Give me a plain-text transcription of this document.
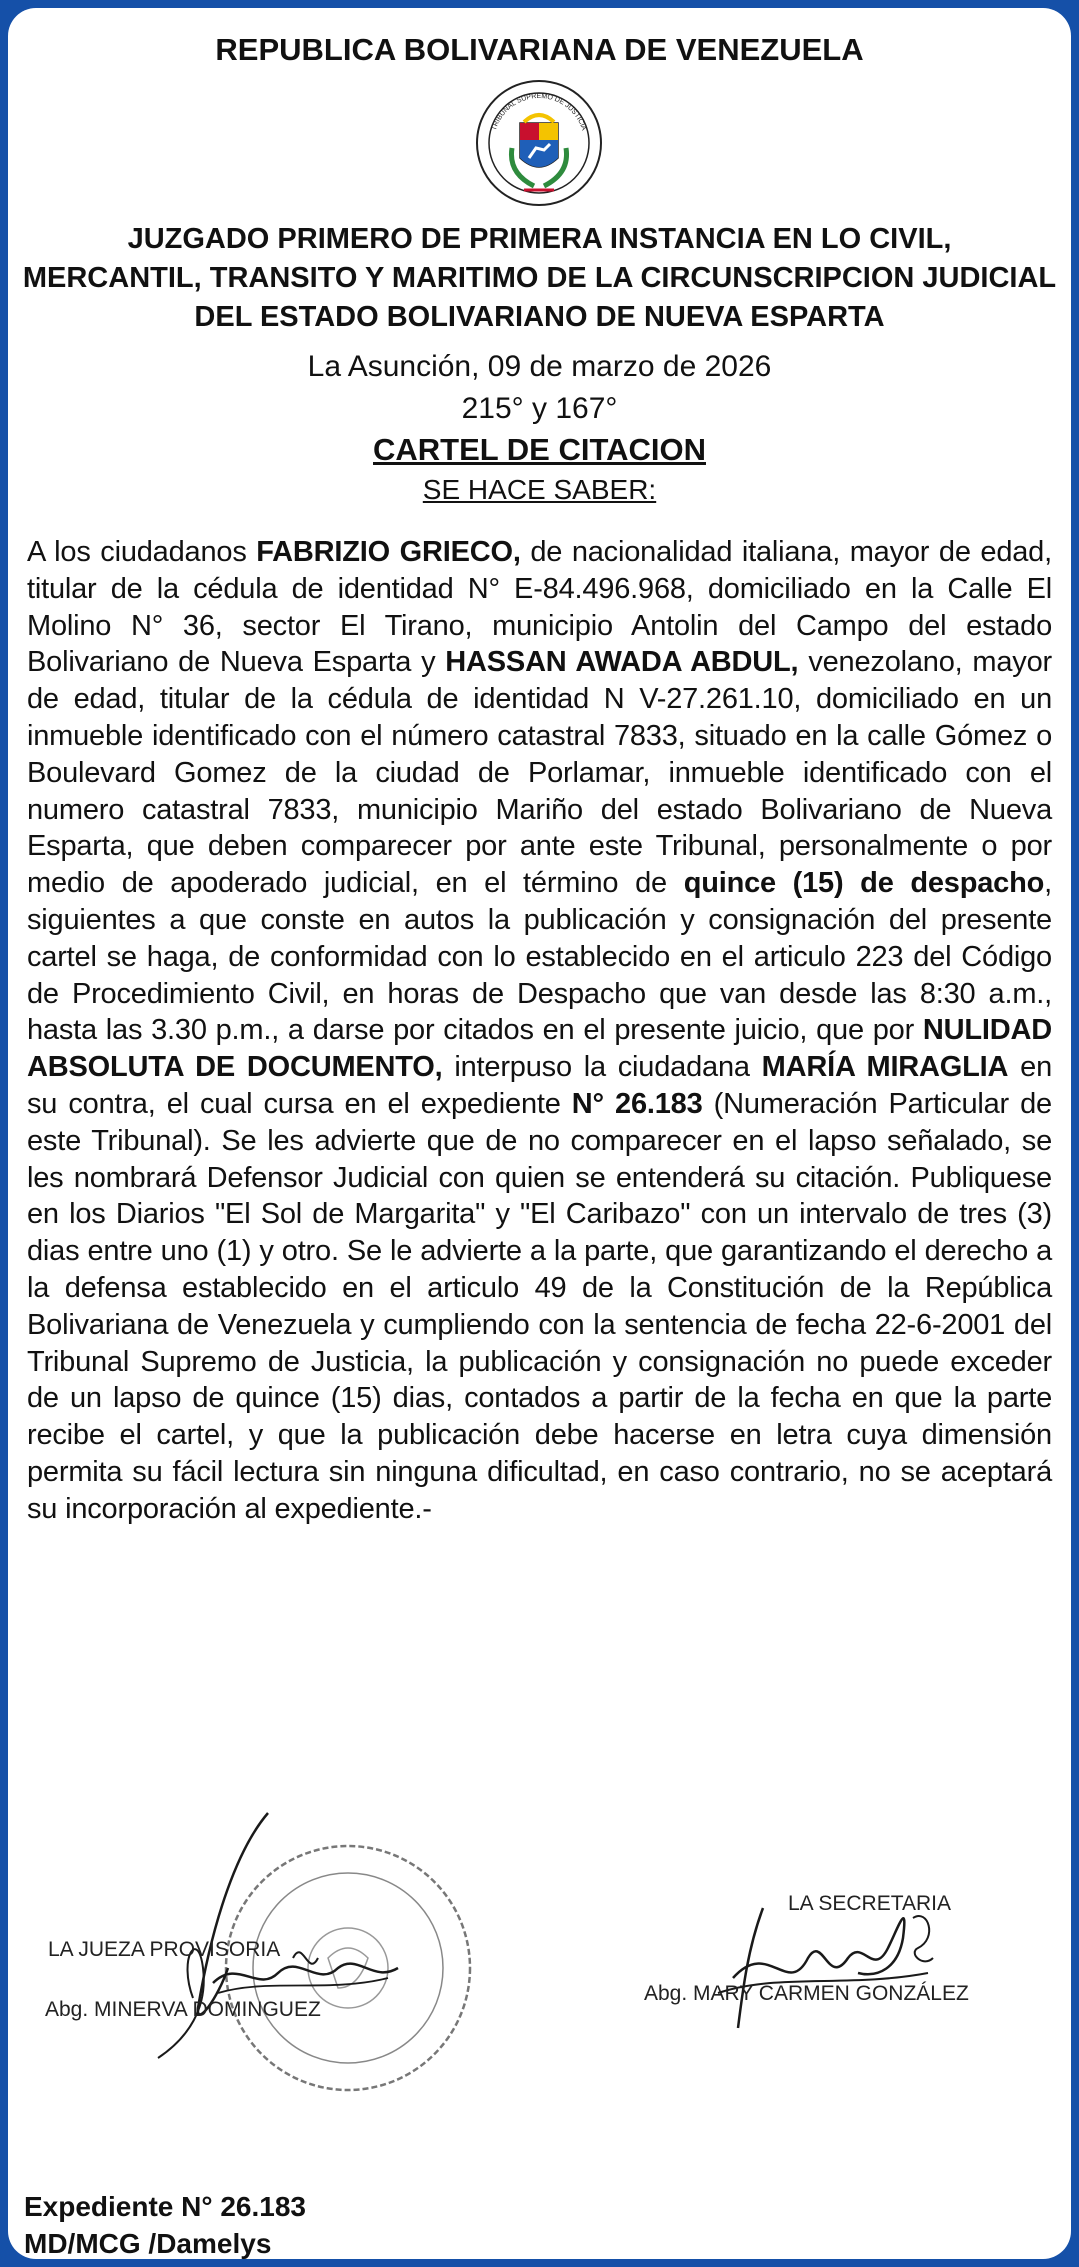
REPUBLICA BOLIVARIANA DE VENEZUELA
TRIBUNAL SUPREMO DE JUSTICIA
JUZGADO PRIMERO DE PRIMERA INSTANCIA EN LO CIVIL,
MERCANTIL, TRANSITO Y MARITIMO DE LA CIRCUNSCRIPCION JUDICIAL
DEL ESTADO BOLIVARIANO DE NUEVA ESPARTA
La Asunción, 09 de marzo de 2026
215° y 167°
CARTEL DE CITACION
SE HACE SABER:
A los ciudadanos FABRIZIO GRIECO, de nacionalidad italiana, mayor de edad, titular de la cédula de identidad N° E-84.496.968, domiciliado en la Calle El Molino N° 36, sector El Tirano, municipio Antolin del Campo del estado Bolivariano de Nueva Esparta y HASSAN AWADA ABDUL, venezolano, mayor de edad, titular de la cédula de identidad N V-27.261.10, domiciliado en un inmueble identificado con el número catastral 7833, situado en la calle Gómez o Boulevard Gomez de la ciudad de Porlamar, inmueble identificado con el numero catastral 7833, municipio Mariño del estado Bolivariano de Nueva Esparta, que deben comparecer por ante este Tribunal, personalmente o por medio de apoderado judicial, en el término de quince (15) de despacho, siguientes a que conste en autos la publicación y consignación del presente cartel se haga, de conformidad con lo establecido en el articulo 223 del Código de Procedimiento Civil, en horas de Despacho que van desde las 8:30 a.m., hasta las 3.30 p.m., a darse por citados en el presente juicio, que por NULIDAD ABSOLUTA DE DOCUMENTO, interpuso la ciudadana MARÍA MIRAGLIA en su contra, el cual cursa en el expediente N° 26.183 (Numeración Particular de este Tribunal). Se les advierte que de no comparecer en el lapso señalado, se les nombrará Defensor Judicial con quien se entenderá su citación. Publiquese en los Diarios "El Sol de Margarita" y "El Caribazo" con un intervalo de tres (3) dias entre uno (1) y otro. Se le advierte a la parte, que garantizando el derecho a la defensa establecido en el articulo 49 de la Constitución de la República Bolivariana de Venezuela y cumpliendo con la sentencia de fecha 22-6-2001 del Tribunal Supremo de Justicia, la publicación y consignación no puede exceder de un lapso de quince (15) dias, contados a partir de la fecha en que la parte recibe el cartel, y que la publicación debe hacerse en letra cuya dimensión permita su fácil lectura sin ninguna dificultad, en caso contrario, no se aceptará su incorporación al expediente.-
LA JUEZA PROVISORIA
Abg. MINERVA DOMINGUEZ
LA SECRETARIA
Abg. MARY CARMEN GONZÁLEZ
Expediente N° 26.183
MD/MCG /Damelys
